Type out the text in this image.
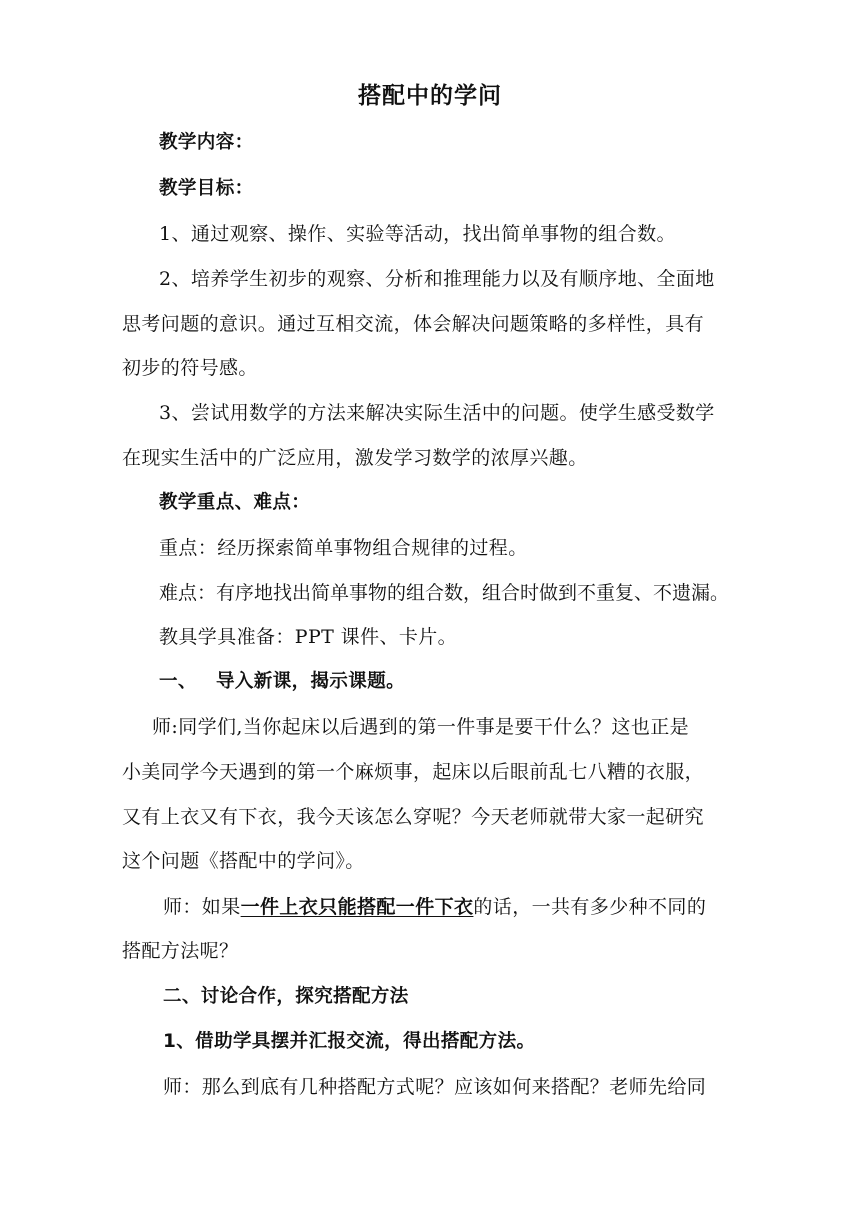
搭配中的学问
教学内容：
教学目标：
1、通过观察、操作、实验等活动，找出简单事物的组合数。
2、培养学生初步的观察、分析和推理能力以及有顺序地、全面地
思考问题的意识。通过互相交流，体会解决问题策略的多样性，具有
初步的符号感。
3、尝试用数学的方法来解决实际生活中的问题。使学生感受数学
在现实生活中的广泛应用，激发学习数学的浓厚兴趣。
教学重点、难点：
重点：经历探索简单事物组合规律的过程。
难点：有序地找出简单事物的组合数，组合时做到不重复、不遗漏。
教具学具准备：PPT 课件、卡片。
一、 导入新课，揭示课题。
师:同学们,当你起床以后遇到的第一件事是要干什么？这也正是
小美同学今天遇到的第一个麻烦事，起床以后眼前乱七八糟的衣服，
又有上衣又有下衣，我今天该怎么穿呢？今天老师就带大家一起研究
这个问题《搭配中的学问》。
师：如果一件上衣只能搭配一件下衣的话，一共有多少种不同的
搭配方法呢？
二、讨论合作，探究搭配方法
1、借助学具摆并汇报交流，得出搭配方法。
师：那么到底有几种搭配方式呢？应该如何来搭配？老师先给同
